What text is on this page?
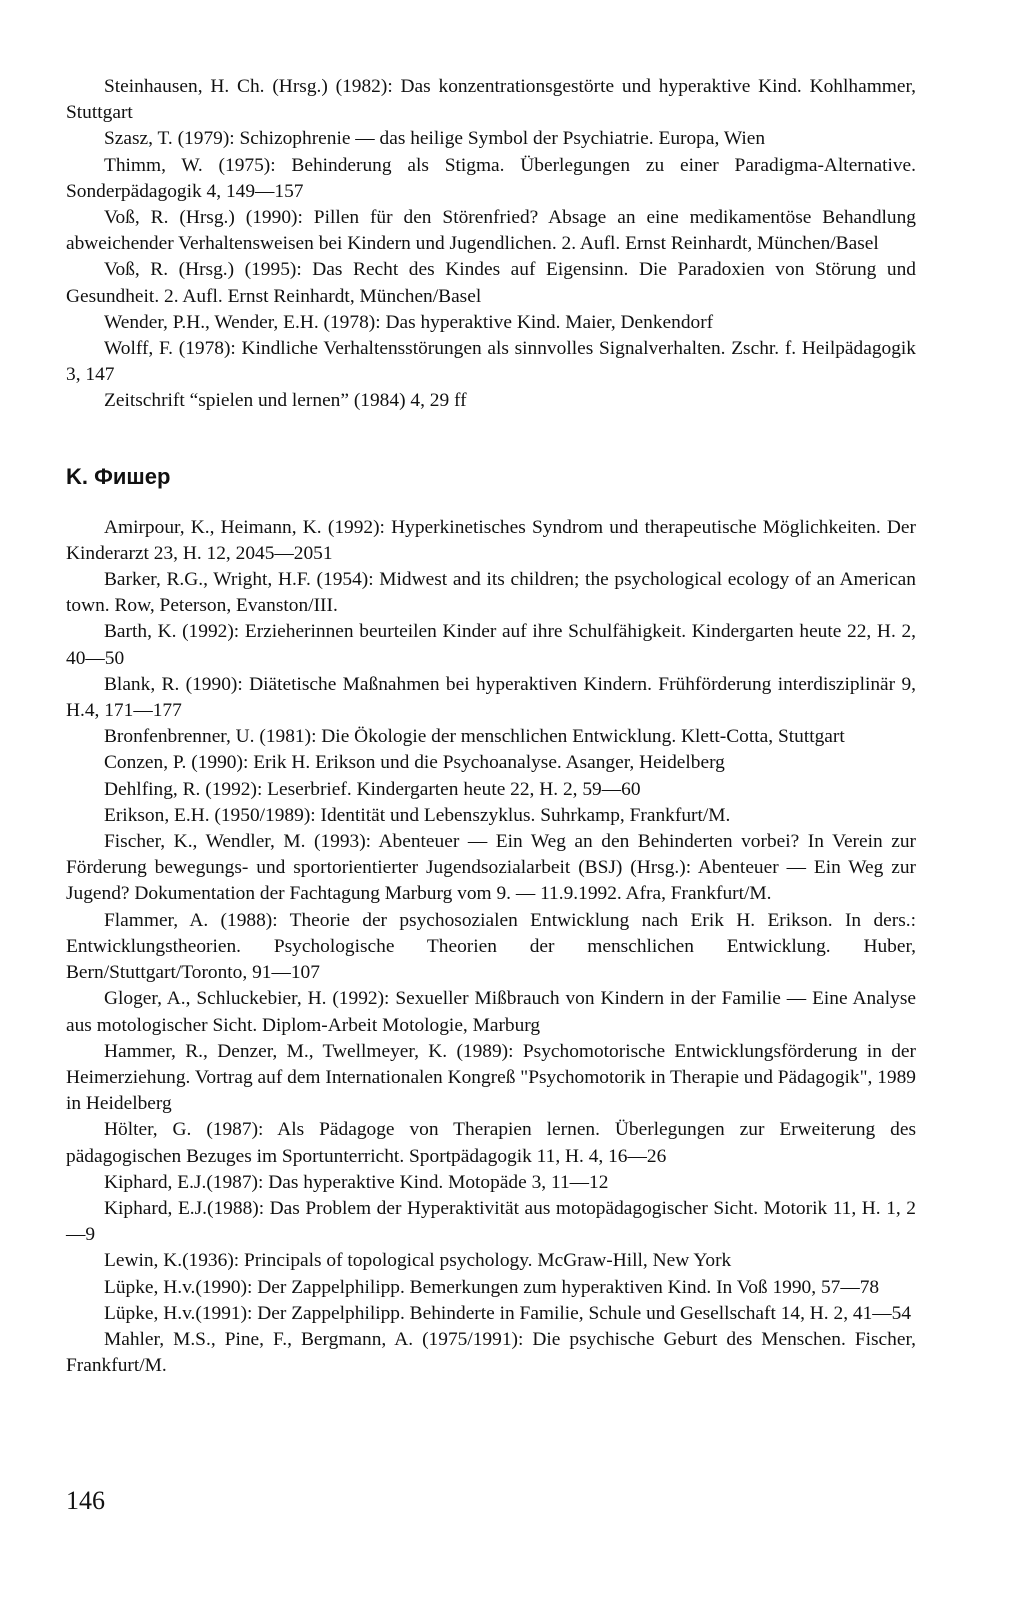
Steinhausen, H. Ch. (Hrsg.) (1982): Das konzentrationsgestörte und hyperaktive Kind. Kohlhammer, Stuttgart

Szasz, T. (1979): Schizophrenie — das heilige Symbol der Psychiatrie. Europa, Wien

Thimm, W. (1975): Behinderung als Stigma. Überlegungen zu einer Paradigma-Alternative. Sonderpädagogik 4, 149—157

Voß, R. (Hrsg.) (1990): Pillen für den Störenfried? Absage an eine medikamentöse Behandlung abweichender Verhaltensweisen bei Kindern und Jugendlichen. 2. Aufl. Ernst Reinhardt, München/Basel

Voß, R. (Hrsg.) (1995): Das Recht des Kindes auf Eigensinn. Die Paradoxien von Störung und Gesundheit. 2. Aufl. Ernst Reinhardt, München/Basel

Wender, P.H., Wender, E.H. (1978): Das hyperaktive Kind. Maier, Denkendorf

Wolff, F. (1978): Kindliche Verhaltensstörungen als sinnvolles Signalverhalten. Zschr. f. Heilpädagogik 3, 147

Zeitschrift “spielen und lernen” (1984) 4, 29 ff

K. Фишер

Amirpour, K., Heimann, K. (1992): Hyperkinetisches Syndrom und therapeutische Möglichkeiten. Der Kinderarzt 23, H. 12, 2045—2051

Barker, R.G., Wright, H.F. (1954): Midwest and its children; the psychological ecology of an American town. Row, Peterson, Evanston/III.

Barth, K. (1992): Erzieherinnen beurteilen Kinder auf ihre Schulfähigkeit. Kindergarten heute 22, H. 2, 40—50

Blank, R. (1990): Diätetische Maßnahmen bei hyperaktiven Kindern. Frühförderung interdisziplinär 9, H.4, 171—177

Bronfenbrenner, U. (1981): Die Ökologie der menschlichen Entwicklung. Klett-Cotta, Stuttgart

Conzen, P. (1990): Erik H. Erikson und die Psychoanalyse. Asanger, Heidelberg

Dehlfing, R. (1992): Leserbrief. Kindergarten heute 22, H. 2, 59—60

Erikson, E.H. (1950/1989): Identität und Lebenszyklus. Suhrkamp, Frankfurt/M.

Fischer, K., Wendler, M. (1993): Abenteuer — Ein Weg an den Behinderten vorbei? In Verein zur Förderung bewegungs- und sportorientierter Jugendsozialarbeit (BSJ) (Hrsg.): Abenteuer — Ein Weg zur Jugend? Dokumentation der Fachtagung Marburg vom 9. — 11.9.1992. Afra, Frankfurt/M.

Flammer, A. (1988): Theorie der psychosozialen Entwicklung nach Erik H. Erikson. In ders.: Entwicklungstheorien. Psychologische Theorien der menschlichen Entwicklung. Huber, Bern/Stuttgart/Toronto, 91—107

Gloger, A., Schluckebier, H. (1992): Sexueller Mißbrauch von Kindern in der Familie — Eine Analyse aus motologischer Sicht. Diplom-Arbeit Motologie, Marburg

Hammer, R., Denzer, M., Twellmeyer, K. (1989): Psychomotorische Entwicklungsförderung in der Heimerziehung. Vortrag auf dem Internationalen Kongreß "Psychomotorik in Therapie und Pädagogik", 1989 in Heidelberg

Hölter, G. (1987): Als Pädagoge von Therapien lernen. Überlegungen zur Erweiterung des pädagogischen Bezuges im Sportunterricht. Sportpädagogik 11, H. 4, 16—26

Kiphard, E.J.(1987): Das hyperaktive Kind. Motopäde 3, 11—12

Kiphard, E.J.(1988): Das Problem der Hyperaktivität aus motopädagogischer Sicht. Motorik 11, H. 1, 2—9

Lewin, K.(1936): Principals of topological psychology. McGraw-Hill, New York

Lüpke, H.v.(1990): Der Zappelphilipp. Bemerkungen zum hyperaktiven Kind. In Voß 1990, 57—78

Lüpke, H.v.(1991): Der Zappelphilipp. Behinderte in Familie, Schule und Gesellschaft 14, H. 2, 41—54

Mahler, M.S., Pine, F., Bergmann, A. (1975/1991): Die psychische Geburt des Menschen. Fischer, Frankfurt/M.

146
